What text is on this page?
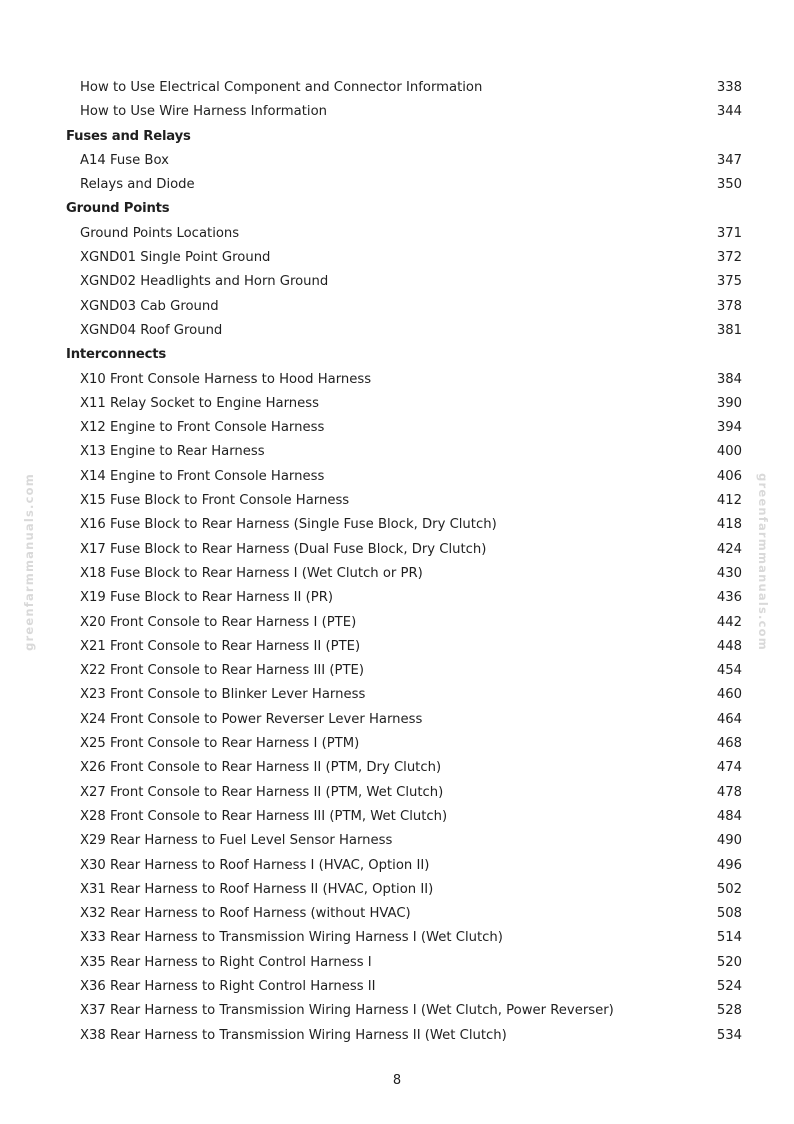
How to Use Electrical Component and Connector Information	338
How to Use Wire Harness Information	344
Fuses and Relays
A14 Fuse Box	347
Relays and Diode	350
Ground Points
Ground Points Locations	371
XGND01 Single Point Ground	372
XGND02 Headlights and Horn Ground	375
XGND03 Cab Ground	378
XGND04 Roof Ground	381
Interconnects
X10 Front Console Harness to Hood Harness	384
X11 Relay Socket to Engine Harness	390
X12 Engine to Front Console Harness	394
X13 Engine to Rear Harness	400
X14 Engine to Front Console Harness	406
X15 Fuse Block to Front Console Harness	412
X16 Fuse Block to Rear Harness (Single Fuse Block, Dry Clutch)	418
X17 Fuse Block to Rear Harness (Dual Fuse Block, Dry Clutch)	424
X18 Fuse Block to Rear Harness I (Wet Clutch or PR)	430
X19 Fuse Block to Rear Harness II (PR)	436
X20 Front Console to Rear Harness I (PTE)	442
X21 Front Console to Rear Harness II (PTE)	448
X22 Front Console to Rear Harness III (PTE)	454
X23 Front Console to Blinker Lever Harness	460
X24 Front Console to Power Reverser Lever Harness	464
X25 Front Console to Rear Harness I (PTM)	468
X26 Front Console to Rear Harness II (PTM, Dry Clutch)	474
X27 Front Console to Rear Harness II (PTM, Wet Clutch)	478
X28 Front Console to Rear Harness III (PTM, Wet Clutch)	484
X29 Rear Harness to Fuel Level Sensor Harness	490
X30 Rear Harness to Roof Harness I (HVAC, Option II)	496
X31 Rear Harness to Roof Harness II (HVAC, Option II)	502
X32 Rear Harness to Roof Harness (without HVAC)	508
X33 Rear Harness to Transmission Wiring Harness I (Wet Clutch)	514
X35 Rear Harness to Right Control Harness I	520
X36 Rear Harness to Right Control Harness II	524
X37 Rear Harness to Transmission Wiring Harness I (Wet Clutch, Power Reverser)	528
X38 Rear Harness to Transmission Wiring Harness II (Wet Clutch)	534
8
greenfarmmanuals.com	greenfarmmanuals.com
